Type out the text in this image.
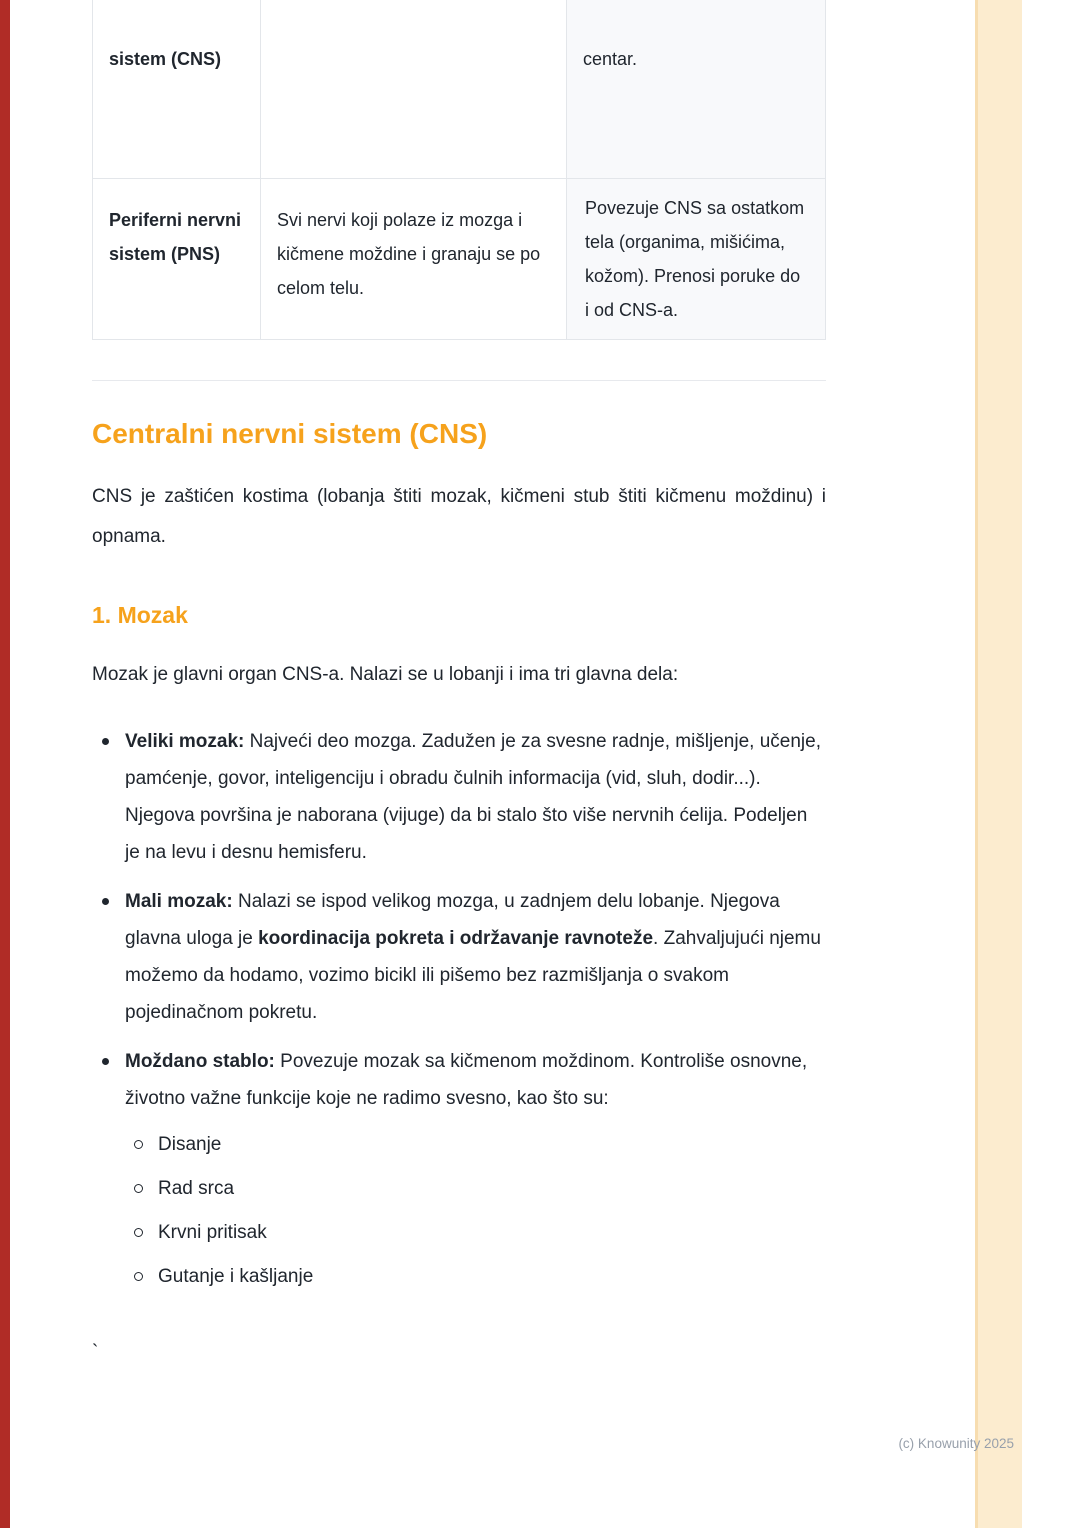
sistem (CNS)		centar.
Periferni nervni sistem (PNS)	Svi nervi koji polaze iz mozga i kičmene moždine i granaju se po celom telu.	Povezuje CNS sa ostatkom tela (organima, mišićima, kožom). Prenosi poruke do i od CNS-a.
Centralni nervni sistem (CNS)

CNS je zaštićen kostima (lobanja štiti mozak, kičmeni stub štiti kičmenu moždinu) i opnama.

1. Mozak

Mozak je glavni organ CNS-a. Nalazi se u lobanji i ima tri glavna dela:

Veliki mozak: Najveći deo mozga. Zadužen je za svesne radnje, mišljenje, učenje, pamćenje, govor, inteligenciju i obradu čulnih informacija (vid, sluh, dodir...). Njegova površina je naborana (vijuge) da bi stalo što više nervnih ćelija. Podeljen je na levu i desnu hemisferu.
Mali mozak: Nalazi se ispod velikog mozga, u zadnjem delu lobanje. Njegova glavna uloga je koordinacija pokreta i održavanje ravnoteže. Zahvaljujući njemu možemo da hodamo, vozimo bicikl ili pišemo bez razmišljanja o svakom pojedinačnom pokretu.
Moždano stablo: Povezuje mozak sa kičmenom moždinom. Kontroliše osnovne, životno važne funkcije koje ne radimo svesno, kao što su:
Disanje
Rad srca
Krvni pritisak
Gutanje i kašljanje
`
(c) Knowunity 2025
